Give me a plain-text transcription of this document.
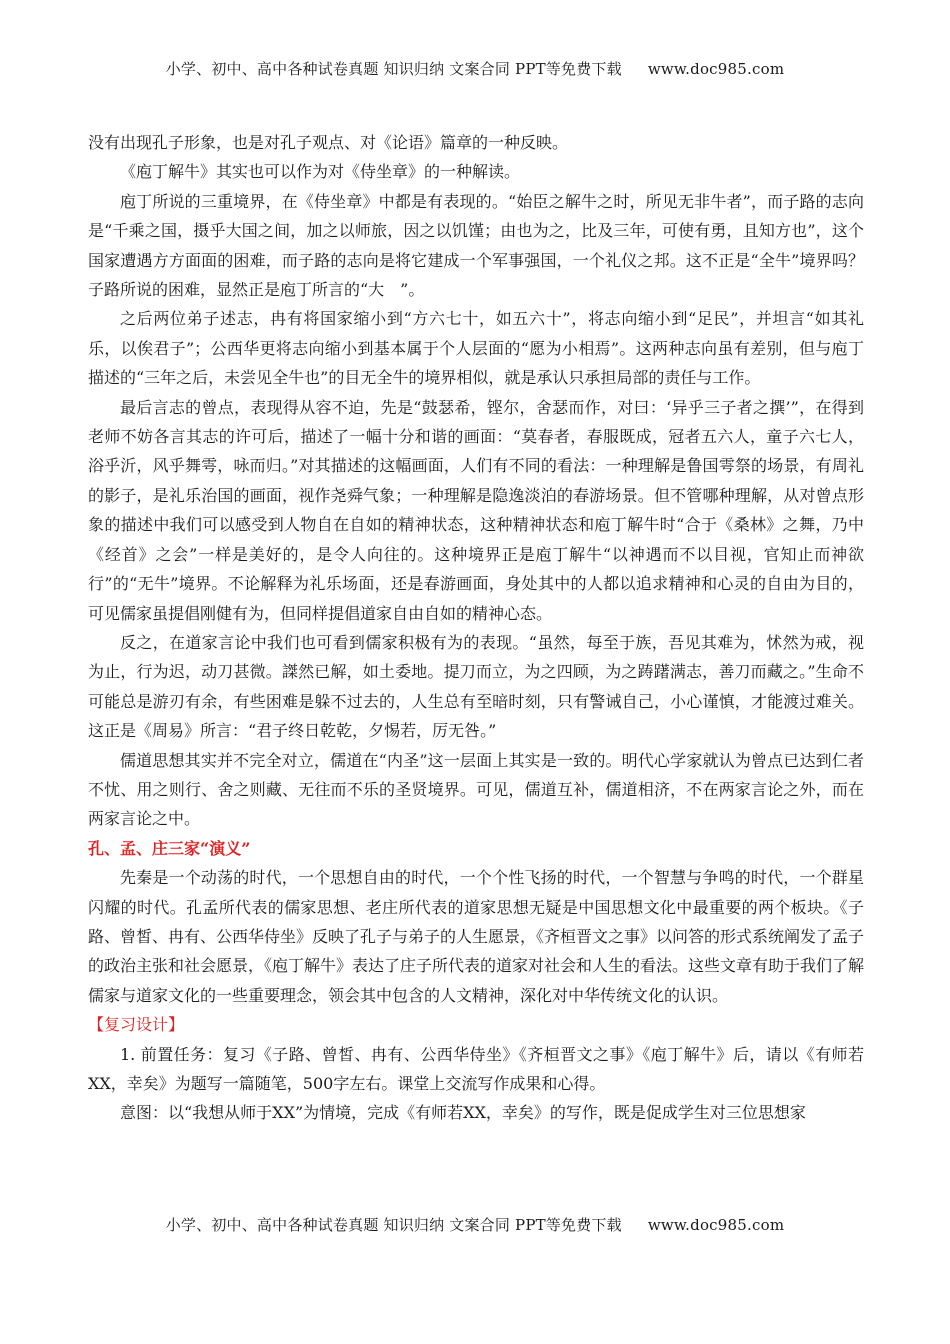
小学、初中、高中各种试卷真题 知识归纳 文案合同 PPT等免费下载 www.doc985.com

没有出现孔子形象，也是对孔子观点、对《论语》篇章的一种反映。

《庖丁解牛》其实也可以作为对《侍坐章》的一种解读。

庖丁所说的三重境界，在《侍坐章》中都是有表现的。“始臣之解牛之时，所见无非牛者”，而子路的志向是“千乘之国，摄乎大国之间，加之以师旅，因之以饥馑；由也为之，比及三年，可使有勇，且知方也”，这个国家遭遇方方面面的困难，而子路的志向是将它建成一个军事强国，一个礼仪之邦。这不正是“全牛”境界吗？子路所说的困难，显然正是庖丁所言的“大　”。

之后两位弟子述志，冉有将国家缩小到“方六七十，如五六十”，将志向缩小到“足民”，并坦言“如其礼乐，以俟君子”；公西华更将志向缩小到基本属于个人层面的“愿为小相焉”。这两种志向虽有差别，但与庖丁描述的“三年之后，未尝见全牛也”的目无全牛的境界相似，就是承认只承担局部的责任与工作。

最后言志的曾点，表现得从容不迫，先是“鼓瑟希，铿尔，舍瑟而作，对曰：‘异乎三子者之撰’”，在得到老师不妨各言其志的许可后，描述了一幅十分和谐的画面：“莫春者，春服既成，冠者五六人，童子六七人，浴乎沂，风乎舞雩，咏而归。”对其描述的这幅画面，人们有不同的看法：一种理解是鲁国雩祭的场景，有周礼的影子，是礼乐治国的画面，视作尧舜气象；一种理解是隐逸淡泊的春游场景。但不管哪种理解，从对曾点形象的描述中我们可以感受到人物自在自如的精神状态，这种精神状态和庖丁解牛时“合于《桑林》之舞，乃中《经首》之会”一样是美好的，是令人向往的。这种境界正是庖丁解牛“以神遇而不以目视，官知止而神欲行”的“无牛”境界。不论解释为礼乐场面，还是春游画面，身处其中的人都以追求精神和心灵的自由为目的，可见儒家虽提倡刚健有为，但同样提倡道家自由自如的精神心态。

反之，在道家言论中我们也可看到儒家积极有为的表现。“虽然，每至于族，吾见其难为，怵然为戒，视为止，行为迟，动刀甚微。謋然已解，如土委地。提刀而立，为之四顾，为之踌躇满志，善刀而藏之。”生命不可能总是游刃有余，有些困难是躲不过去的，人生总有至暗时刻，只有警诫自己，小心谨慎，才能渡过难关。这正是《周易》所言：“君子终日乾乾，夕惕若，厉无咎。”

儒道思想其实并不完全对立，儒道在“内圣”这一层面上其实是一致的。明代心学家就认为曾点已达到仁者不忧、用之则行、舍之则藏、无往而不乐的圣贤境界。可见，儒道互补，儒道相济，不在两家言论之外，而在两家言论之中。

孔、孟、庄三家“演义”

先秦是一个动荡的时代，一个思想自由的时代，一个个性飞扬的时代，一个智慧与争鸣的时代，一个群星闪耀的时代。孔孟所代表的儒家思想、老庄所代表的道家思想无疑是中国思想文化中最重要的两个板块。《子路、曾皙、冉有、公西华侍坐》反映了孔子与弟子的人生愿景，《齐桓晋文之事》以问答的形式系统阐发了孟子的政治主张和社会愿景，《庖丁解牛》表达了庄子所代表的道家对社会和人生的看法。这些文章有助于我们了解儒家与道家文化的一些重要理念，领会其中包含的人文精神，深化对中华传统文化的认识。

【复习设计】

1. 前置任务：复习《子路、曾皙、冉有、公西华侍坐》《齐桓晋文之事》《庖丁解牛》后，请以《有师若XX，幸矣》为题写一篇随笔，500字左右。课堂上交流写作成果和心得。

意图：以“我想从师于XX”为情境，完成《有师若XX，幸矣》的写作，既是促成学生对三位思想家

小学、初中、高中各种试卷真题 知识归纳 文案合同 PPT等免费下载 www.doc985.com
